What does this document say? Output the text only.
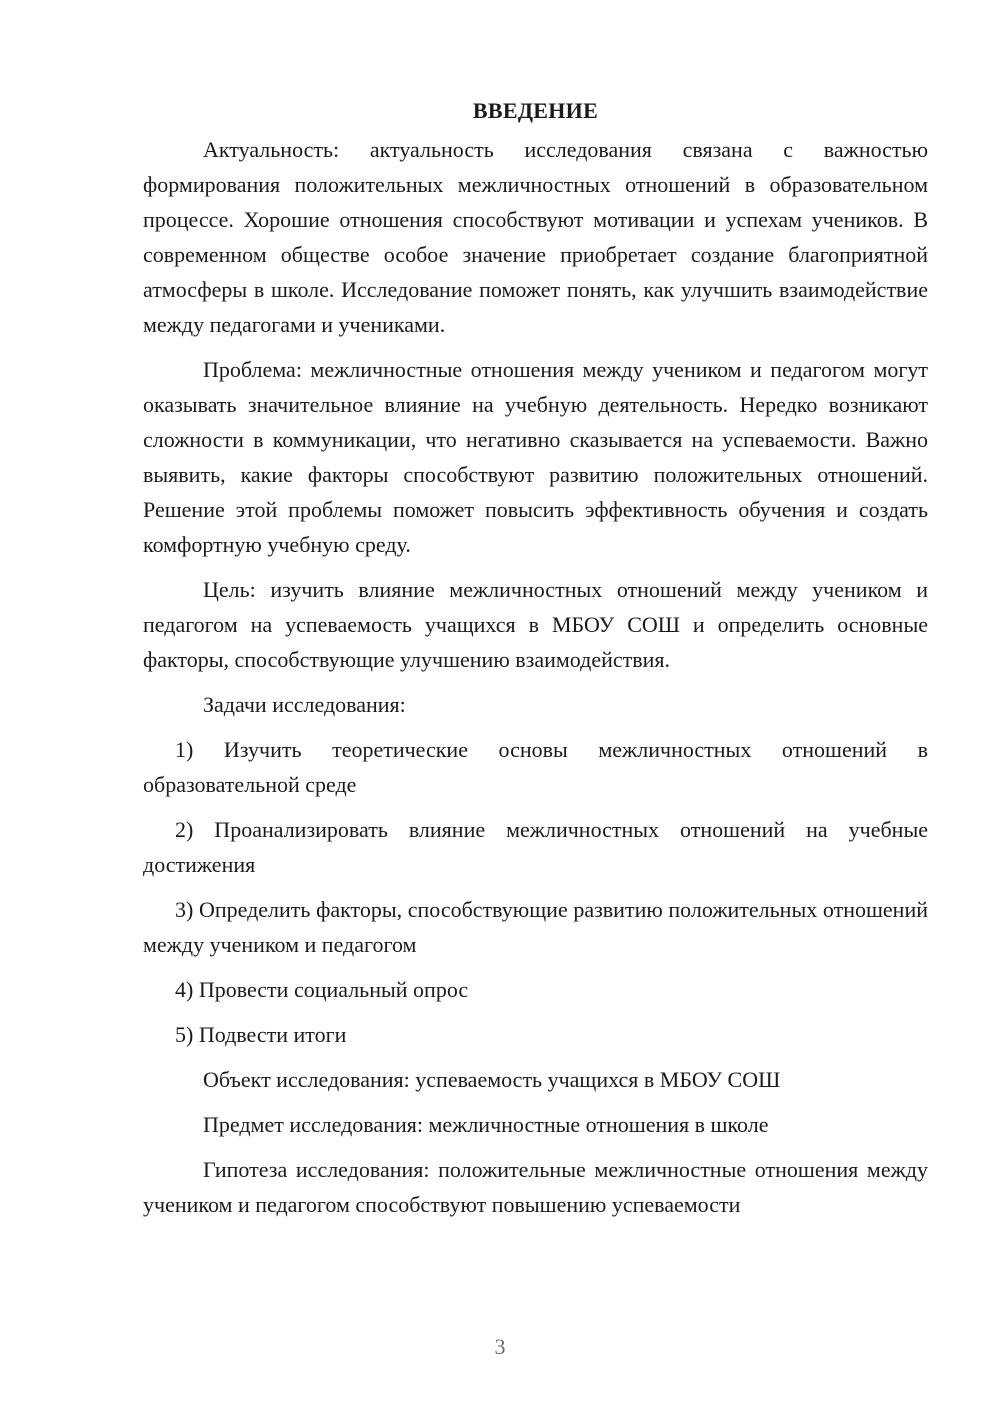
ВВЕДЕНИЕ

Актуальность: актуальность исследования связана с важностью формирования положительных межличностных отношений в образовательном процессе. Хорошие отношения способствуют мотивации и успехам учеников. В современном обществе особое значение приобретает создание благоприятной атмосферы в школе. Исследование поможет понять, как улучшить взаимодействие между педагогами и учениками.

Проблема: межличностные отношения между учеником и педагогом могут оказывать значительное влияние на учебную деятельность. Нередко возникают сложности в коммуникации, что негативно сказывается на успеваемости. Важно выявить, какие факторы способствуют развитию положительных отношений. Решение этой проблемы поможет повысить эффективность обучения и создать комфортную учебную среду.

Цель: изучить влияние межличностных отношений между учеником и педагогом на успеваемость учащихся в МБОУ СОШ и определить основные факторы, способствующие улучшению взаимодействия.

Задачи исследования:

1) Изучить теоретические основы межличностных отношений в образовательной среде

2) Проанализировать влияние межличностных отношений на учебные достижения

3) Определить факторы, способствующие развитию положительных отношений между учеником и педагогом

4) Провести социальный опрос

5) Подвести итоги

Объект исследования: успеваемость учащихся в МБОУ СОШ

Предмет исследования: межличностные отношения в школе

Гипотеза исследования: положительные межличностные отношения между учеником и педагогом способствуют повышению успеваемости

3
